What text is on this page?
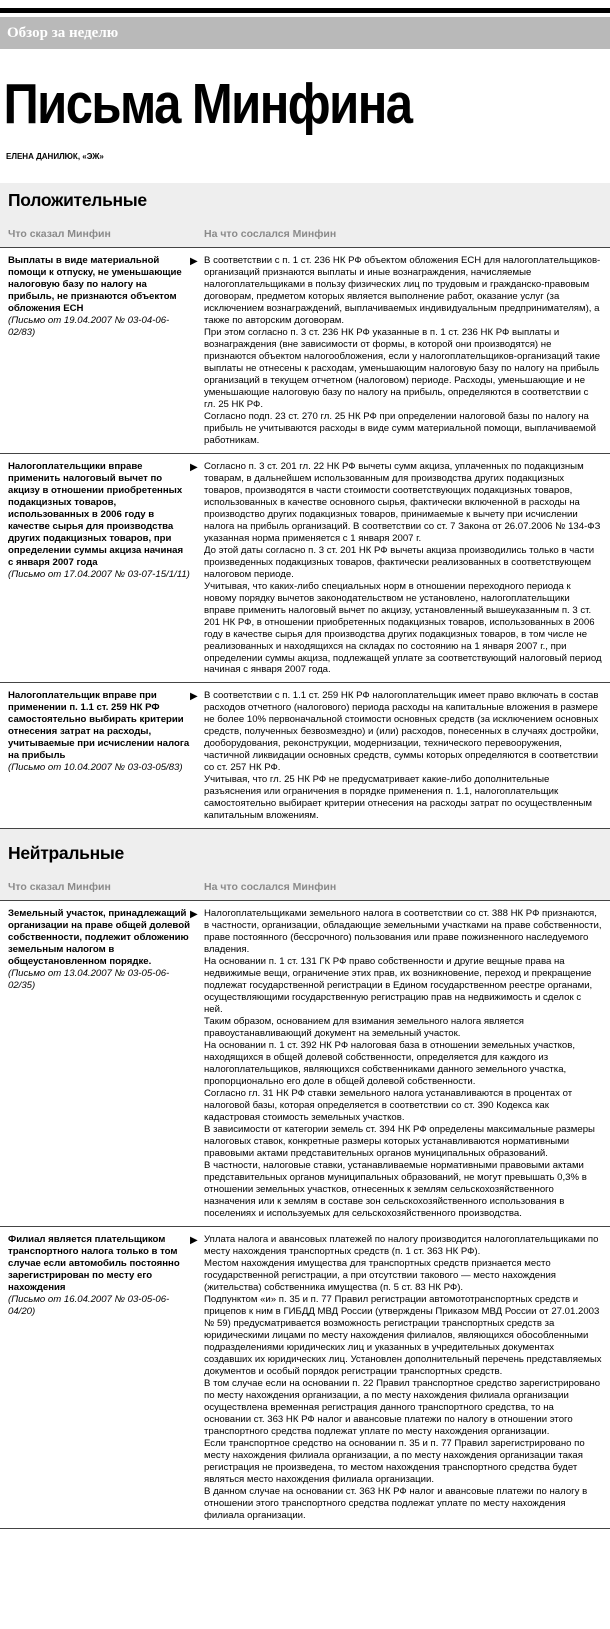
Обзор за неделю
Письма Минфина
ЕЛЕНА ДАНИЛЮК, «ЭЖ»
Положительные
Что сказал Минфин	На что сослался Минфин
Выплаты в виде материальной помощи к отпуску, не уменьшающие налоговую базу по налогу на прибыль, не признаются объектом обложения ЕСН
(Письмо от 19.04.2007 № 03-04-06-02/83)
▶ В соответствии с п. 1 ст. 236 НК РФ объектом обложения ЕСН для налогоплательщиков-организаций признаются выплаты и иные вознаграждения, начисляемые налогоплательщиками в пользу физических лиц по трудовым и гражданско-правовым договорам, предметом которых является выполнение работ, оказание услуг (за исключением вознаграждений, выплачиваемых индивидуальным предпринимателям), а также по авторским договорам.

При этом согласно п. 3 ст. 236 НК РФ указанные в п. 1 ст. 236 НК РФ выплаты и вознаграждения (вне зависимости от формы, в которой они производятся) не признаются объектом налогообложения, если у налогоплательщиков-организаций такие выплаты не отнесены к расходам, уменьшающим налоговую базу по налогу на прибыль организаций в текущем отчетном (налоговом) периоде. Расходы, уменьшающие и не уменьшающие налоговую базу по налогу на прибыль, определяются в соответствии с гл. 25 НК РФ.

Согласно подп. 23 ст. 270 гл. 25 НК РФ при определении налоговой базы по налогу на прибыль не учитываются расходы в виде сумм материальной помощи, выплачиваемой работникам.

Налогоплательщики вправе применить налоговый вычет по акцизу в отношении приобретенных подакцизных товаров, использованных в 2006 году в качестве сырья для производства других подакцизных товаров, при определении суммы акциза начиная с января 2007 года
(Письмо от 17.04.2007 № 03-07-15/1/11)
▶ Согласно п. 3 ст. 201 гл. 22 НК РФ вычеты сумм акциза, уплаченных по подакцизным товарам, в дальнейшем использованным для производства других подакцизных товаров, производятся в части стоимости соответствующих подакцизных товаров, использованных в качестве основного сырья, фактически включенной в расходы на производство других подакцизных товаров, принимаемые к вычету при исчислении налога на прибыль организаций. В соответствии со ст. 7 Закона от 26.07.2006 № 134-ФЗ указанная норма применяется с 1 января 2007 г.

До этой даты согласно п. 3 ст. 201 НК РФ вычеты акциза производились только в части произведенных подакцизных товаров, фактически реализованных в соответствующем налоговом периоде.

Учитывая, что каких-либо специальных норм в отношении переходного периода к новому порядку вычетов законодательством не установлено, налогоплательщики вправе применить налоговый вычет по акцизу, установленный вышеуказанным п. 3 ст. 201 НК РФ, в отношении приобретенных подакцизных товаров, использованных в 2006 году в качестве сырья для производства других подакцизных товаров, в том числе не реализованных и находящихся на складах по состоянию на 1 января 2007 г., при определении суммы акциза, подлежащей уплате за соответствующий налоговый период начиная с января 2007 года.

Налогоплательщик вправе при применении п. 1.1 ст. 259 НК РФ самостоятельно выбирать критерии отнесения затрат на расходы, учитываемые при исчислении налога на прибыль
(Письмо от 10.04.2007 № 03-03-05/83)
▶ В соответствии с п. 1.1 ст. 259 НК РФ налогоплательщик имеет право включать в состав расходов отчетного (налогового) периода расходы на капитальные вложения в размере не более 10% первоначальной стоимости основных средств (за исключением основных средств, полученных безвозмездно) и (или) расходов, понесенных в случаях достройки, дооборудования, реконструкции, модернизации, технического перевооружения, частичной ликвидации основных средств, суммы которых определяются в соответствии со ст. 257 НК РФ.

Учитывая, что гл. 25 НК РФ не предусматривает какие-либо дополнительные разъяснения или ограничения в порядке применения п. 1.1, налогоплательщик самостоятельно выбирает критерии отнесения на расходы затрат по осуществленным капитальным вложениям.

Нейтральные
Что сказал Минфин	На что сослался Минфин
Земельный участок, принадлежащий организации на праве общей долевой собственности, подлежит обложению земельным налогом в общеустановленном порядке.
(Письмо от 13.04.2007 № 03-05-06-02/35)
▶ Налогоплательщиками земельного налога в соответствии со ст. 388 НК РФ признаются, в частности, организации, обладающие земельными участками на праве собственности, праве постоянного (бессрочного) пользования или праве пожизненного наследуемого владения.

На основании п. 1 ст. 131 ГК РФ право собственности и другие вещные права на недвижимые вещи, ограничение этих прав, их возникновение, переход и прекращение подлежат государственной регистрации в Едином государственном реестре органами, осуществляющими государственную регистрацию прав на недвижимость и сделок с ней.

Таким образом, основанием для взимания земельного налога является правоустанавливающий документ на земельный участок.

На основании п. 1 ст. 392 НК РФ налоговая база в отношении земельных участков, находящихся в общей долевой собственности, определяется для каждого из налогоплательщиков, являющихся собственниками данного земельного участка, пропорционально его доле в общей долевой собственности.

Согласно гл. 31 НК РФ ставки земельного налога устанавливаются в процентах от налоговой базы, которая определяется в соответствии со ст. 390 Кодекса как кадастровая стоимость земельных участков.

В зависимости от категории земель ст. 394 НК РФ определены максимальные размеры налоговых ставок, конкретные размеры которых устанавливаются нормативными правовыми актами представительных органов муниципальных образований.

В частности, налоговые ставки, устанавливаемые нормативными правовыми актами представительных органов муниципальных образований, не могут превышать 0,3% в отношении земельных участков, отнесенных к землям сельскохозяйственного назначения или к землям в составе зон сельскохозяйственного использования в поселениях и используемых для сельскохозяйственного производства.

Филиал является плательщиком транспортного налога только в том случае если автомобиль постоянно зарегистрирован по месту его нахождения
(Письмо от 16.04.2007 № 03-05-06-04/20)
▶ Уплата налога и авансовых платежей по налогу производится налогоплательщиками по месту нахождения транспортных средств (п. 1 ст. 363 НК РФ).

Местом нахождения имущества для транспортных средств признается место государственной регистрации, а при отсутствии такового — место нахождения (жительства) собственника имущества (п. 5 ст. 83 НК РФ).

Подпунктом «и» п. 35 и п. 77 Правил регистрации автомототранспортных средств и прицепов к ним в ГИБДД МВД России (утверждены Приказом МВД России от 27.01.2003 № 59) предусматривается возможность регистрации транспортных средств за юридическими лицами по месту нахождения филиалов, являющихся обособленными подразделениями юридических лиц и указанных в учредительных документах создавших их юридических лиц. Установлен дополнительный перечень представляемых документов и особый порядок регистрации транспортных средств.

В том случае если на основании п. 22 Правил транспортное средство зарегистрировано по месту нахождения организации, а по месту нахождения филиала организации осуществлена временная регистрация данного транспортного средства, то на основании ст. 363 НК РФ налог и авансовые платежи по налогу в отношении этого транспортного средства подлежат уплате по месту нахождения организации.

Если транспортное средство на основании п. 35 и п. 77 Правил зарегистрировано по месту нахождения филиала организации, а по месту нахождения организации такая регистрация не произведена, то местом нахождения транспортного средства будет являться место нахождения филиала организации.

В данном случае на основании ст. 363 НК РФ налог и авансовые платежи по налогу в отношении этого транспортного средства подлежат уплате по месту нахождения филиала организации.
